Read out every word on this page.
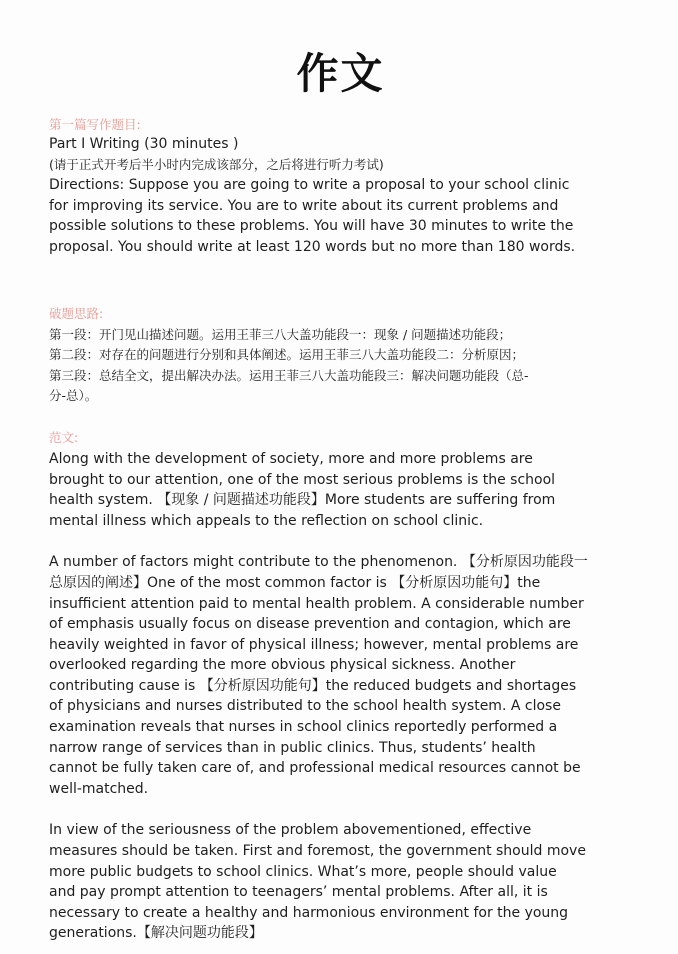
作文
第一篇写作题目:
Part I Writing (30 minutes )
(请于正式开考后半小时内完成该部分，之后将进行听力考试)
Directions: Suppose you are going to write a proposal to your school clinic
for improving its service. You are to write about its current problems and
possible solutions to these problems. You will have 30 minutes to write the
proposal. You should write at least 120 words but no more than 180 words.
破题思路:
第一段：开门见山描述问题。运用王菲三八大盖功能段一：现象 / 问题描述功能段；
第二段：对存在的问题进行分别和具体阐述。运用王菲三八大盖功能段二：分析原因；
第三段：总结全文，提出解决办法。运用王菲三八大盖功能段三：解决问题功能段（总-
分-总）。
范文:
Along with the development of society, more and more problems are
brought to our attention, one of the most serious problems is the school
health system. 【现象 / 问题描述功能段】More students are suffering from
mental illness which appeals to the reflection on school clinic.
A number of factors might contribute to the phenomenon. 【分析原因功能段一
总原因的阐述】One of the most common factor is 【分析原因功能句】the
insufficient attention paid to mental health problem. A considerable number
of emphasis usually focus on disease prevention and contagion, which are
heavily weighted in favor of physical illness; however, mental problems are
overlooked regarding the more obvious physical sickness. Another
contributing cause is 【分析原因功能句】the reduced budgets and shortages
of physicians and nurses distributed to the school health system. A close
examination reveals that nurses in school clinics reportedly performed a
narrow range of services than in public clinics. Thus, students’ health
cannot be fully taken care of, and professional medical resources cannot be
well-matched.
In view of the seriousness of the problem abovementioned, effective
measures should be taken. First and foremost, the government should move
more public budgets to school clinics. What’s more, people should value
and pay prompt attention to teenagers’ mental problems. After all, it is
necessary to create a healthy and harmonious environment for the young
generations.【解决问题功能段】
